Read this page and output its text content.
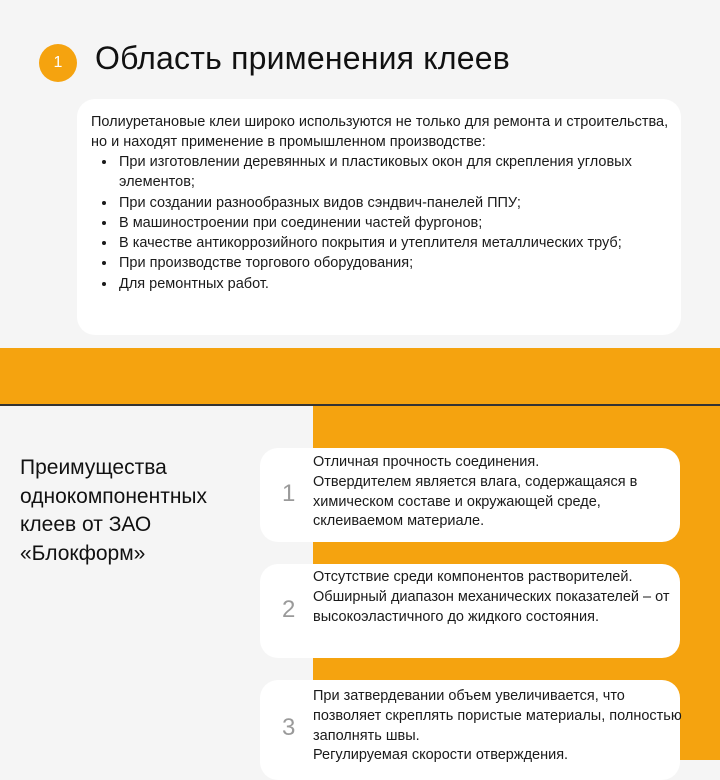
1	Область применения клеев

Полиуретановые клеи широко используются не только для ремонта и строительства, но и находят применение в промышленном производстве:

• При изготовлении деревянных и пластиковых окон для скрепления угловых элементов;
• При создании разнообразных видов сэндвич-панелей ППУ;
• В машиностроении при соединении частей фургонов;
• В качестве антикоррозийного покрытия и утеплителя металлических труб;
• При производстве торгового оборудования;
• Для ремонтных работ.
Преимущества однокомпонентных клеев от ЗАО «Блокформ»
1

Отличная прочность соединения.
Отвердителем является влага, содержащаяся в химическом составе и окружающей среде, склеиваемом материале.

2

Отсутствие среди компонентов растворителей.
Обширный диапазон механических показателей – от высокоэластичного до жидкого состояния.

3

При затвердевании объем увеличивается, что позволяет скреплять пористые материалы, полностью заполнять швы.
Регулируемая скорости отверждения.
